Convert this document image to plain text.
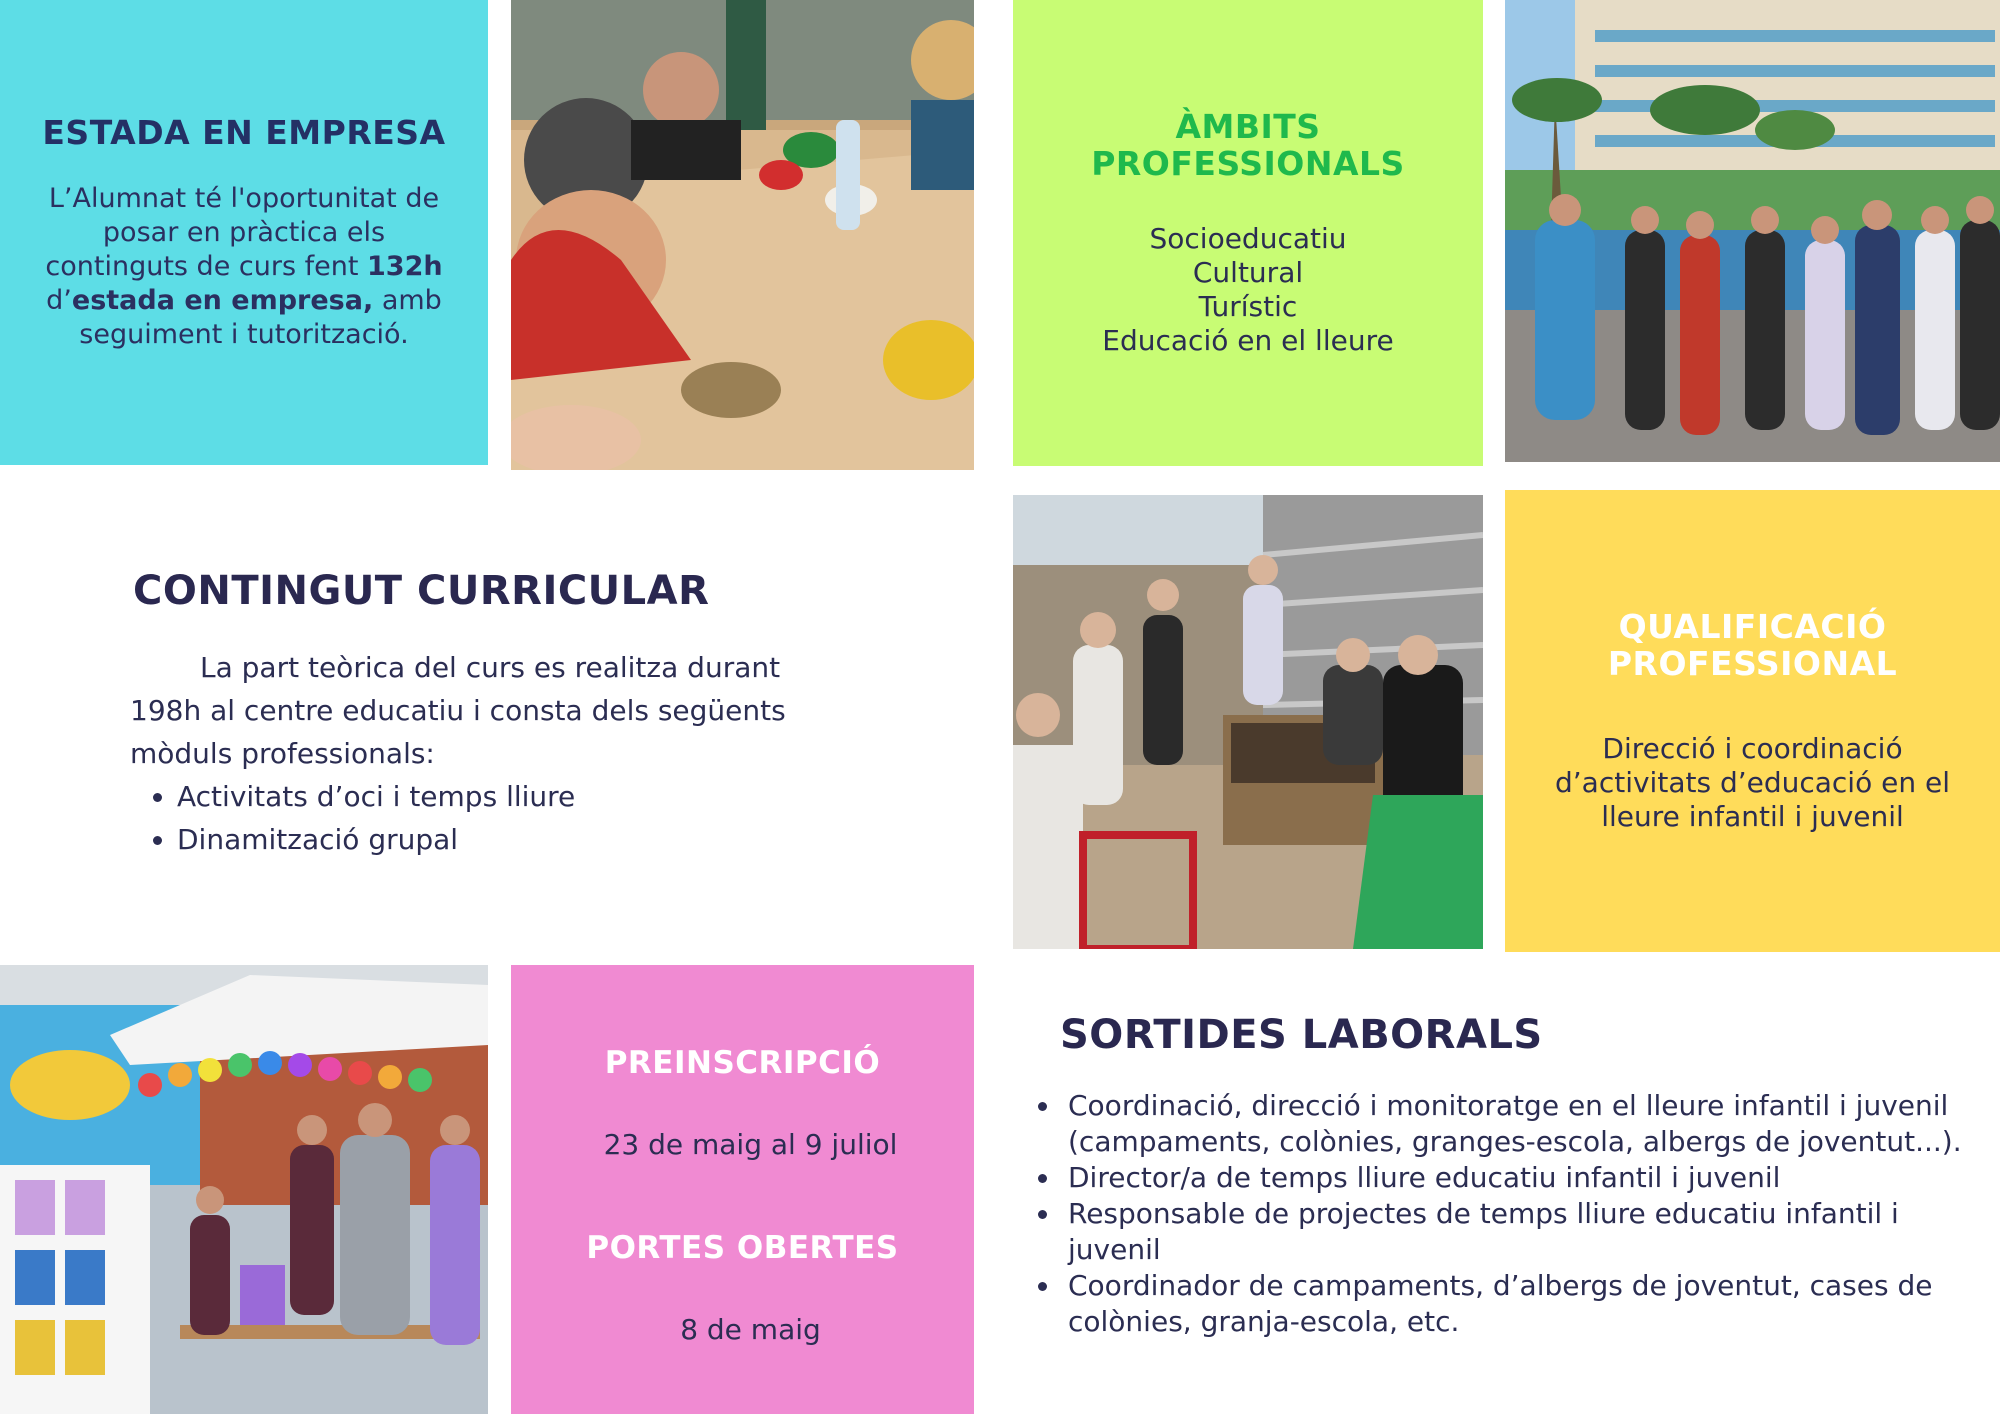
ESTADA EN EMPRESA
L’Alumnat té l'oportunitat de
posar en pràctica els
continguts de curs fent 132h
d’estada en empresa, amb
seguiment i tutorització.
ÀMBITS
PROFESSIONALS
Socioeducatiu
Cultural
Turístic
Educació en el lleure
CONTINGUT CURRICULAR

La part teòrica del curs es realitza durant 198h al centre educatiu i consta dels següents mòduls professionals:

• Activitats d’oci i temps lliure
• Dinamització grupal
QUALIFICACIÓ
PROFESSIONAL
Direcció i coordinació
d’activitats d’educació en el
lleure infantil i juvenil
PREINSCRIPCIÓ
23 de maig al 9 juliol
PORTES OBERTES
8 de maig
SORTIDES LABORALS
• Coordinació, direcció i monitoratge en el lleure infantil i juvenil (campaments, colònies, granges-escola, albergs de joventut...).
• Director/a de temps lliure educatiu infantil i juvenil
• Responsable de projectes de temps lliure educatiu infantil i juvenil
• Coordinador de campaments, d’albergs de joventut, cases de colònies, granja-escola, etc.
